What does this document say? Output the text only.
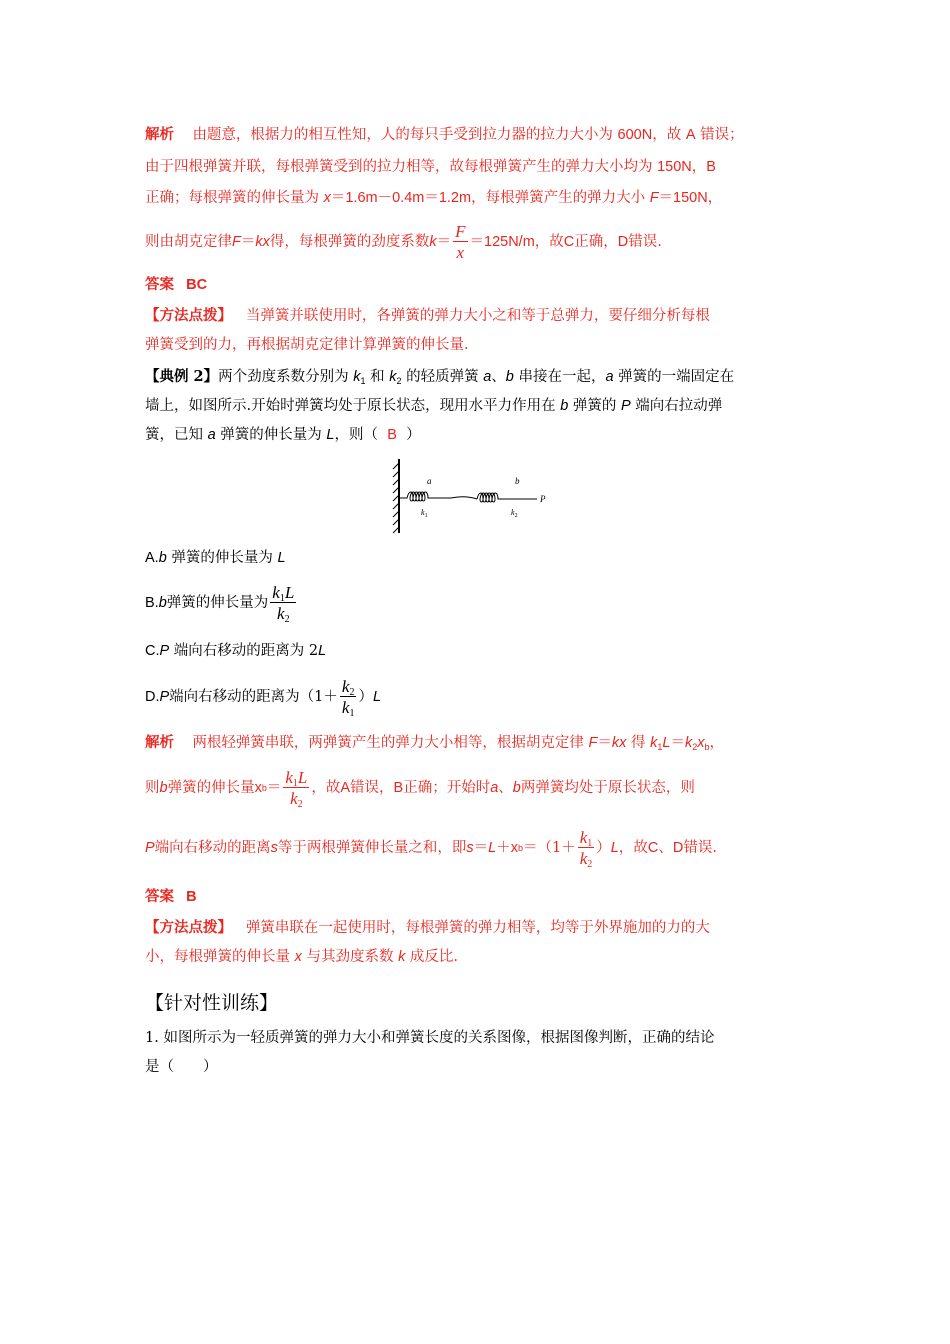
解析 由题意，根据力的相互性知，人的每只手受到拉力器的拉力大小为 600N，故 A 错误；
由于四根弹簧并联，每根弹簧受到的拉力相等，故每根弹簧产生的弹力大小均为 150N，B
正确；每根弹簧的伸长量为 x＝1.6m－0.4m＝1.2m，每根弹簧产生的弹力大小 F＝150N，
则由胡克定律 F ＝ kx 得，每根弹簧的劲度系数 $k = \frac{F}{x} =125N/m$ ，故 C 正确， D 错误.
答案 BC
【方法点拨】 当弹簧并联使用时，各弹簧的弹力大小之和等于总弹力，要仔细分析每根
弹簧受到的力，再根据胡克定律计算弹簧的伸长量.
【典例 2】两个劲度系数分别为 $k_1$ 和 $k_2$ 的轻质弹簧 a、b 串接在一起，a 弹簧的一端固定在
墙上，如图所示.开始时弹簧均处于原长状态，现用水平力作用在 b 弹簧的 P 端向右拉动弹
簧，已知 a 弹簧的伸长量为 L，则（ B ）
a	b
P
$k_1$	$k_2$
A.b 弹簧的伸长量为 L
B. b 弹簧的伸长量为 $\frac{k_1L}{k_2}$
C.P 端向右移动的距离为 2L
D. P 端向右移动的距离为（$1+ \frac{k_2}{k_1}$ ） L
解析 两根轻弹簧串联，两弹簧产生的弹力大小相等，根据胡克定律 F＝kx 得 $k_1L=k_2x_b$，
则 b 弹簧的伸长量 x $b = \frac{k_1L}{k_2}$ ，故 A 错误， B 正确；开始时 a 、 b 两弹簧均处于原长状态，则
P 端向右移动的距离 s 等于两根弹簧伸长量之和，即 s ＝ L ＋ x $b =(1+ \frac{k_1}{k_2}$ ） L ，故 C 、 D 错误.
答案 B
【方法点拨】 弹簧串联在一起使用时，每根弹簧的弹力相等，均等于外界施加的力的大
小，每根弹簧的伸长量 x 与其劲度系数 k 成反比.
【针对性训练】
1. 如图所示为一轻质弹簧的弹力大小和弹簧长度的关系图像，根据图像判断，正确的结论
是（　　）
